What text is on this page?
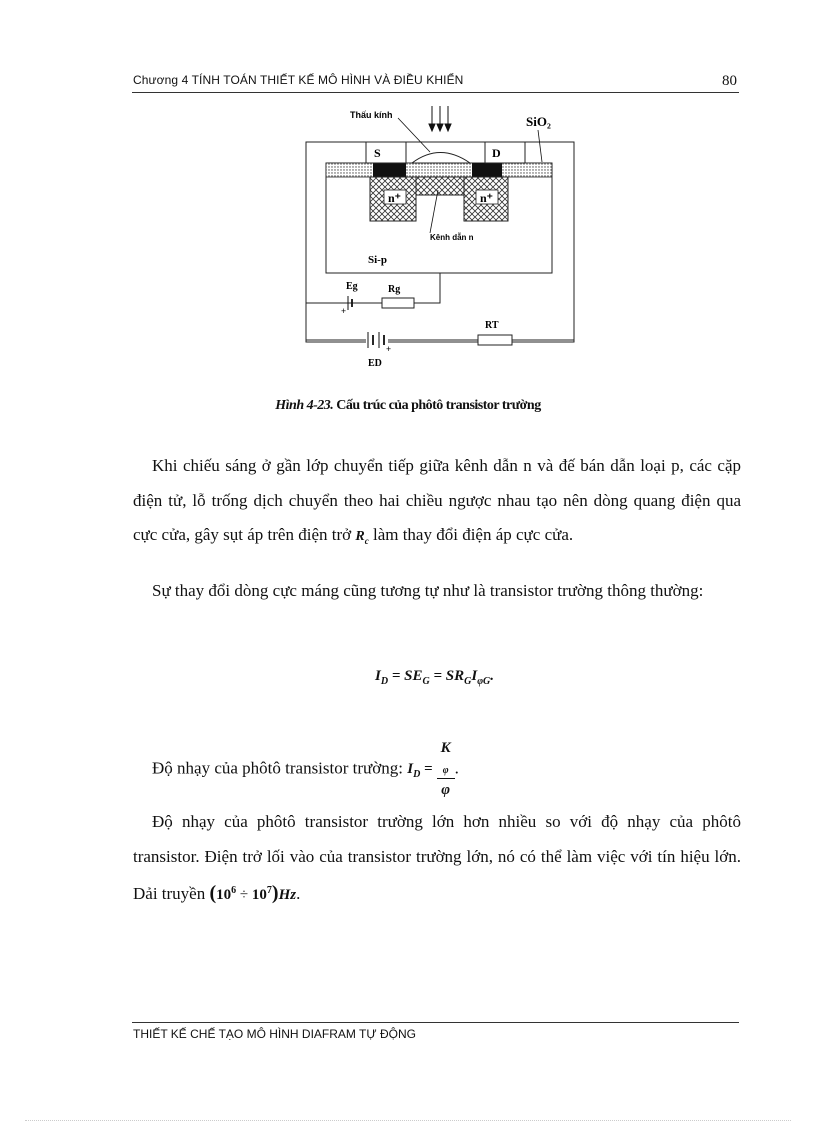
Chương 4 TÍNH TOÁN THIẾT KẾ MÔ HÌNH VÀ ĐIỀU KHIỂN	80
Thấu kính	SiO₂
S	D
n⁺	n⁺
Kênh dẫn n
Si-p
Eg	Rg
+
RT
+
ED
Hình 4-23. Cấu trúc của phôtô transistor trường
Khi chiếu sáng ở gần lớp chuyển tiếp giữa kênh dẫn n và đế bán dẫn loại p, các cặp điện tử, lỗ trống dịch chuyển theo hai chiều ngược nhau tạo nên dòng quang điện qua cực cửa, gây sụt áp trên điện trở $R_c$ làm thay đổi điện áp cực cửa.
Sự thay đổi dòng cực máng cũng tương tự như là transistor trường thông thường:
$I_D = SE_G = SR_GI_{\varphi G}$.
Độ nhạy của phôtô transistor trường: $I_D = K$
$_\varphi$
φ .
Độ nhạy của phôtô transistor trường lớn hơn nhiều so với độ nhạy của phôtô transistor. Điện trở lối vào của transistor trường lớn, nó có thể làm việc với tín hiệu lớn. Dải truyền $(10^6 \div 10^7)Hz$.
THIẾT KẾ CHẾ TẠO MÔ HÌNH DIAFRAM TỰ ĐỘNG
